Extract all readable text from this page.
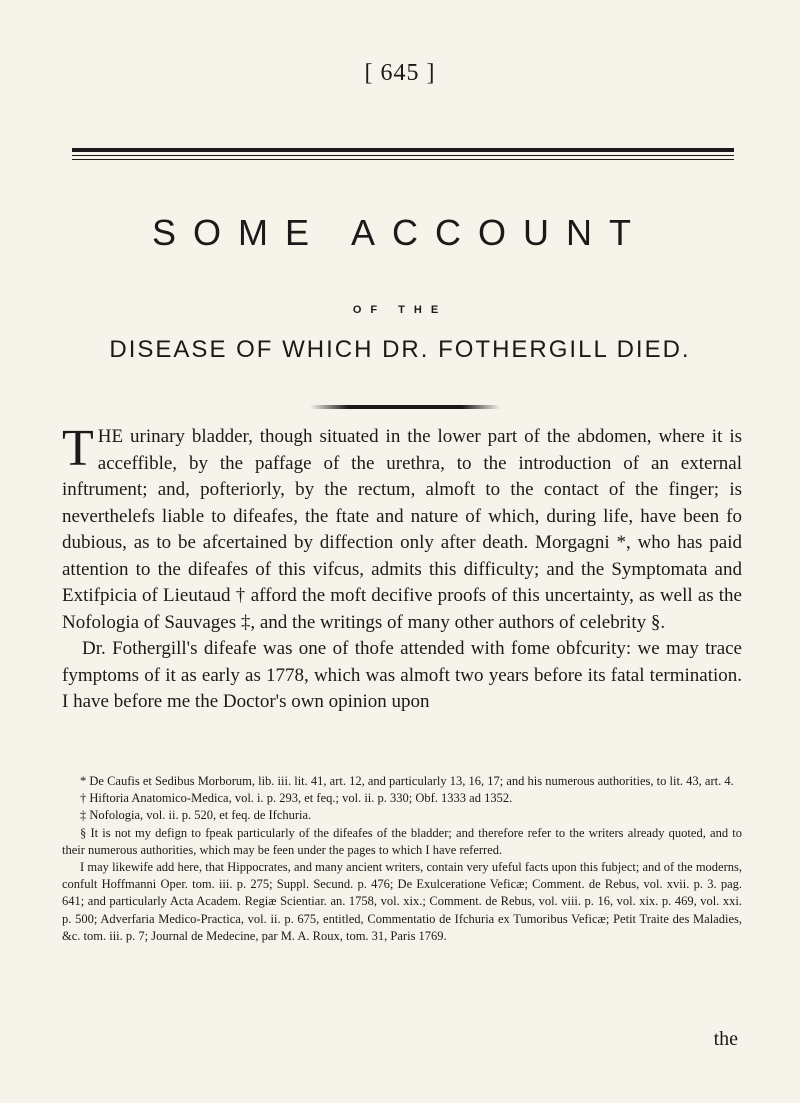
[ 645 ]
SOME ACCOUNT
OF THE
DISEASE OF WHICH DR. FOTHERGILL DIED.

THE urinary bladder, though situated in the lower part of the abdomen, where it is acceffible, by the paffage of the urethra, to the introduction of an external inftrument; and, pofteriorly, by the rectum, almoft to the contact of the finger; is neverthelefs liable to difeafes, the ftate and nature of which, during life, have been fo dubious, as to be afcertained by diffection only after death. Morgagni *, who has paid attention to the difeafes of this vifcus, admits this difficulty; and the Symptomata and Extifpicia of Lieutaud † afford the moft decifive proofs of this uncertainty, as well as the Nofologia of Sauvages ‡, and the writings of many other authors of celebrity §.

Dr. Fothergill's difeafe was one of thofe attended with fome obfcurity: we may trace fymptoms of it as early as 1778, which was almoft two years before its fatal termination. I have before me the Doctor's own opinion upon

* De Caufis et Sedibus Morborum, lib. iii. lit. 41, art. 12, and particularly 13, 16, 17; and his numerous authorities, to lit. 43, art. 4.

† Hiftoria Anatomico-Medica, vol. i. p. 293, et feq.; vol. ii. p. 330; Obf. 1333 ad 1352.

‡ Nofologia, vol. ii. p. 520, et feq. de Ifchuria.

§ It is not my defign to fpeak particularly of the difeafes of the bladder; and therefore refer to the writers already quoted, and to their numerous authorities, which may be feen under the pages to which I have referred.

I may likewife add here, that Hippocrates, and many ancient writers, contain very ufeful facts upon this fubject; and of the moderns, confult Hoffmanni Oper. tom. iii. p. 275; Suppl. Secund. p. 476; De Exulceratione Veficæ; Comment. de Rebus, vol. xvii. p. 3. pag. 641; and particularly Acta Academ. Regiæ Scientiar. an. 1758, vol. xix.; Comment. de Rebus, vol. viii. p. 16, vol. xix. p. 469, vol. xxi. p. 500; Adverfaria Medico-Practica, vol. ii. p. 675, entitled, Commentatio de Ifchuria ex Tumoribus Veficæ; Petit Traite des Maladies, &c. tom. iii. p. 7; Journal de Medecine, par M. A. Roux, tom. 31, Paris 1769.

the
